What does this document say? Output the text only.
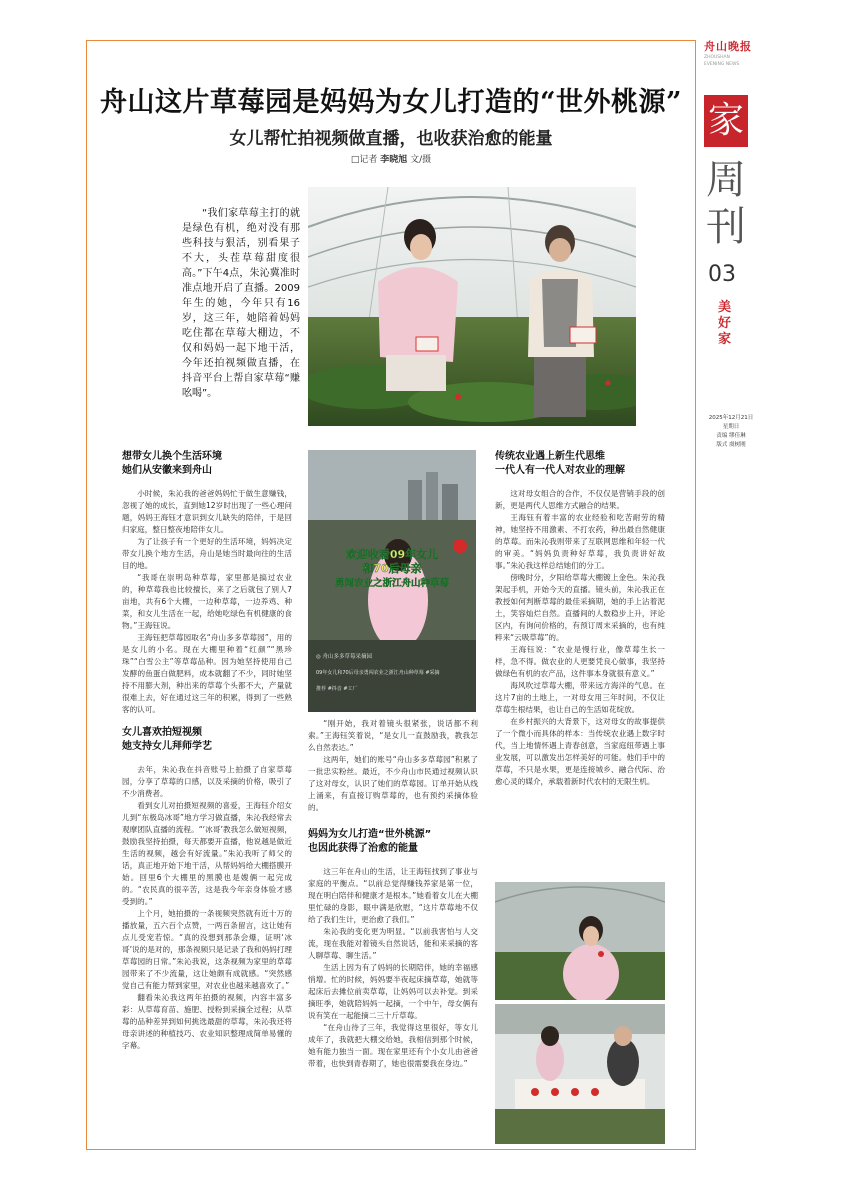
舟山晚报
ZHOUSHAN
EVENING NEWS
家
周
刊
03
美好家
2025年12月21日
星期日
责编 缪佳琳
版式 虞树刚
舟山这片草莓园是妈妈为女儿打造的“世外桃源”
女儿帮忙拍视频做直播，也收获治愈的能量
□记者 李晓旭 文/摄

“我们家草莓主打的就是绿色有机，绝对没有那些科技与狠活，别看果子不大，头茬草莓甜度很高。”下午4点，朱沁冀准时准点地开启了直播。2009年生的她，今年只有16岁，这三年，她陪着妈妈吃住都在草莓大棚边，不仅和妈妈一起下地干活，今年还拍视频做直播，在抖音平台上帮自家草莓“赚吆喝”。

想带女儿换个生活环境
她们从安徽来到舟山

小时候，朱沁我的爸爸妈妈忙于做生意赚钱，忽视了她的成长，直到她12岁时出现了一些心理问题，妈妈王海钰才意识到女儿缺失的陪伴，于是回归家庭，整日整夜地陪伴女儿。

为了让孩子有一个更好的生活环境，妈妈决定带女儿换个地方生活，舟山是她当时最向往的生活目的地。

“我哥在崇明岛种草莓，家里都是搞过农业的，种草莓我也比较擅长，来了之后就包了别人7亩地，共有6个大棚，一边种草莓，一边养鸡、种菜，和女儿生活在一起，给她吃绿色有机健康的食物。”王海钰说。

王海钰把草莓园取名“舟山多多草莓园”，用的是女儿的小名。现在大棚里种着“红颜”“黑珍珠”“白雪公主”等草莓品种。因为她坚持使用自己发酵的鱼蛋白做肥料，成本就翻了不少，同时她坚持不用膨大剂，种出来的草莓个头都不大，产量就很难上去，好在通过这三年的积累，得到了一些熟客的认可。

女儿喜欢拍短视频
她支持女儿拜师学艺

去年，朱沁我在抖音账号上拍摄了自家草莓园，分享了草莓的口感，以及采摘的价格，吸引了不少消费者。

看到女儿对拍摄短视频的喜爱，王海钰介绍女儿到“东极岛冰哥”地方学习做直播，朱沁我经常去观摩团队直播的流程。“‘冰哥’教我怎么做短视频，鼓励我坚持拍摄，每天都要开直播，他说越是做近生活的视频，越会有好流量。”朱沁我听了师父的话，真正地开始下地干活，从帮妈妈给大棚搭膜开始。回里6个大棚里的黑膜也是嫂俩一起完成的。“农民真的很辛苦，这是我今年亲身体验才感受到的。”

上个月，她拍摄的一条视频突然就有近十万的播放量，五六百个点赞，一两百条留言，这让她有点儿受宠若惊。“真的没想到那条会爆，证明‘冰哥’说的是对的，那条视频只是记录了我和妈妈打理草莓园的日常。”朱沁我说，这条视频为家里的草莓园带来了不少流量，这让她颇有成就感。“突然感觉自己有能力帮到家里，对农业也越来越喜欢了。”

翻看朱沁我这两年拍摄的视频，内容丰富多彩：从草莓育苗、施肥、授粉到采摘全过程；从草莓的品种差异到如何挑选最甜的草莓，朱沁我还将母亲讲述的种植技巧、农业知识整理成简单易懂的字幕。

欢迎收看09年女儿
和70后母亲
勇闯农业之浙江舟山种草莓
◎ 舟山多多草莓采摘园
09年女儿和70后母亲勇闯农业之浙江舟山种草莓 #采摘
推荐 #抖音 #工厂

“刚开始，我对着镜头很紧张，说话都不利索。”王海钰笑着说，“是女儿一直鼓励我，教我怎么自然表达。”

这两年，她们的账号“舟山多多草莓园”积累了一批忠实粉丝。最近，不少舟山市民通过视频认识了这对母女，认识了她们的草莓园。订单开始从线上涌来，有直接订购草莓的，也有预约采摘体验的。

妈妈为女儿打造“世外桃源”
也因此获得了治愈的能量

这三年在舟山的生活，让王海钰找到了事业与家庭的平衡点。“以前总觉得赚钱养家是第一位，现在明白陪伴和健康才是根本。”她看着女儿在大棚里忙碌的身影，眼中满是欣慰，“这片草莓地不仅给了我们生计，更治愈了我们。”

朱沁我的变化更为明显。“以前我害怕与人交流，现在我能对着镜头自然说话，能和来采摘的客人聊草莓、聊生活。”

生活上因为有了妈妈的长期陪伴，她的幸福感悄增。忙的时候，妈妈要半夜起床摘草莓，她就等起床后去摊位前卖草莓，让妈妈可以去补觉。到采摘旺季，她就陪妈妈一起摘，一个中午，母女俩有说有笑在一起能摘二三十斤草莓。

“在舟山待了三年，我觉得这里很好，等女儿成年了，我就把大棚交给她，我相信到那个时候，她有能力独当一面。现在家里还有个小女儿由爸爸带着，也快到青春期了，她也很需要我在身边。”

传统农业遇上新生代思维
一代人有一代人对农业的理解

这对母女组合的合作，不仅仅是营销手段的创新，更是两代人思维方式融合的结果。

王海钰有着丰富的农业经验和吃苦耐劳的精神，她坚持不用激素、不打农药，种出最自然健康的草莓。而朱沁我则带来了互联网思维和年轻一代的审美。“妈妈负责种好草莓，我负责讲好故事。”朱沁我这样总结她们的分工。

傍晚时分，夕阳给草莓大棚镀上金色。朱沁我架起手机，开始今天的直播。镜头前，朱沁我正在教授如何判断草莓的最佳采摘期，她的手上沾着泥土，笑容灿烂自然。直播间的人数稳步上升，评论区内，有询问价格的，有预订周末采摘的，也有纯粹来“云吸草莓”的。

王海钰说：“农业是慢行业，像草莓生长一样，急不得。做农业的人更要凭良心做事，我坚持做绿色有机的农产品，这件事本身就很有意义。”

海风吹过草莓大棚，带来远方海洋的气息。在这片7亩的土地上，一对母女用三年时间，不仅让草莓生根结果，也让自己的生活如花绽放。

在乡村振兴的大背景下，这对母女的故事提供了一个微小而具体的样本：当传统农业遇上数字时代，当上地情怀遇上青春创意，当家庭纽带遇上事业发展，可以激发出怎样美好的可能。他们手中的草莓，不只是水果，更是连接城乡、融合代际、治愈心灵的媒介，承载着新时代农村的无限生机。
